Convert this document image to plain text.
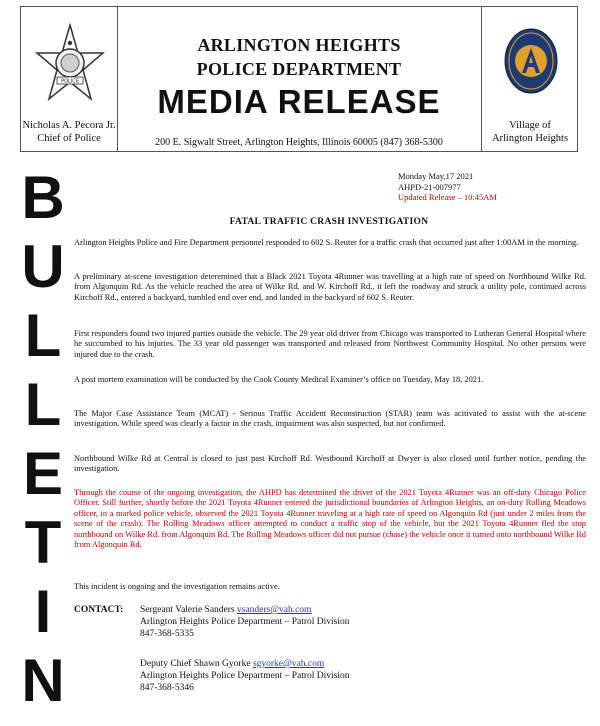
POLICE
Nicholas A. Pecora Jr.
Chief of Police
ARLINGTON HEIGHTS
POLICE DEPARTMENT
MEDIA RELEASE
200 E. Sigwalt Street, Arlington Heights, Illinois 60005 (847) 368-5300
Village of
Arlington Heights
B
U
L
L
E
T
I
N
Monday May,17 2021
AHPD-21-007977
Updated Release – 10:45AM
FATAL TRAFFIC CRASH INVESTIGATION
Arlington Heights Police and Fire Department personnel responded to 602 S. Reuter for a traffic crash that occurred just after 1:00AM in the morning.
A preliminary at-scene investigation deteremined that a Black 2021 Toyota 4Runner was travelling at a high rate of speed on Northbound Wilke Rd. from Algonquin Rd. As the vehicle reached the area of Wilke Rd. and W. Kirchoff Rd., it left the roadway and struck a utility pole, continued across Kirchoff Rd., entered a backyard, tumbled end over end, and landed in the backyard of 602 S. Reuter.
First responders found two injured parties outside the vehicle. The 29 year old driver from Chicago was transported to Lutheran General Hospital where he succumbed to his injuries. The 33 year old passenger was transported and released from Northwest Community Hospital. No other persons were injured due to the crash.
A post mortem examination will be conducted by the Cook County Medical Examiner’s office on Tuesday, May 18, 2021.
The Major Case Assistance Team (MCAT) - Serious Traffic Accident Reconstruction (STAR) team was acitivated to assist with the at-scene investigation. While speed was clearly a factor in the crash, impairment was also suspected, but not confirmed.
Northbound Wilke Rd at Central is closed to just past Kirchoff Rd. Westbound Kirchoff at Dwyer is also closed until further notice, pending the investigation.
Through the course of the ongoing investigation, the AHPD has determined the driver of the 2021 Toyota 4Runner was an off-duty Chicago Police Officer. Still further, shortly before the 2021 Toyota 4Runner entered the jurisdictional boundaries of Arlington Heights, an on-duty Rolling Meadows officer, in a marked police vehicle, observed the 2021 Toyota 4Runner traveling at a high rate of speed on Algonquin Rd (just under 2 miles from the scene of the crash). The Rolling Meadows officer attempted to conduct a traffic stop of the vehicle, but the 2021 Toyota 4Runner fled the stop northbound on Wilke Rd. from Algonquin Rd. The Rolling Meadows officer did not pursue (chase) the vehicle once it turned onto northbound Wilke Rd from Algonquin Rd.
This incident is ongoing and the investigation remains active.
CONTACT: Sergeant Valerie Sanders vsanders@vah.com
Arlington Heights Police Department – Patrol Division
847-368-5335
Deputy Chief Shawn Gyorke sgyorke@vah.com
Arlington Heights Police Department – Patrol Division
847-368-5346
